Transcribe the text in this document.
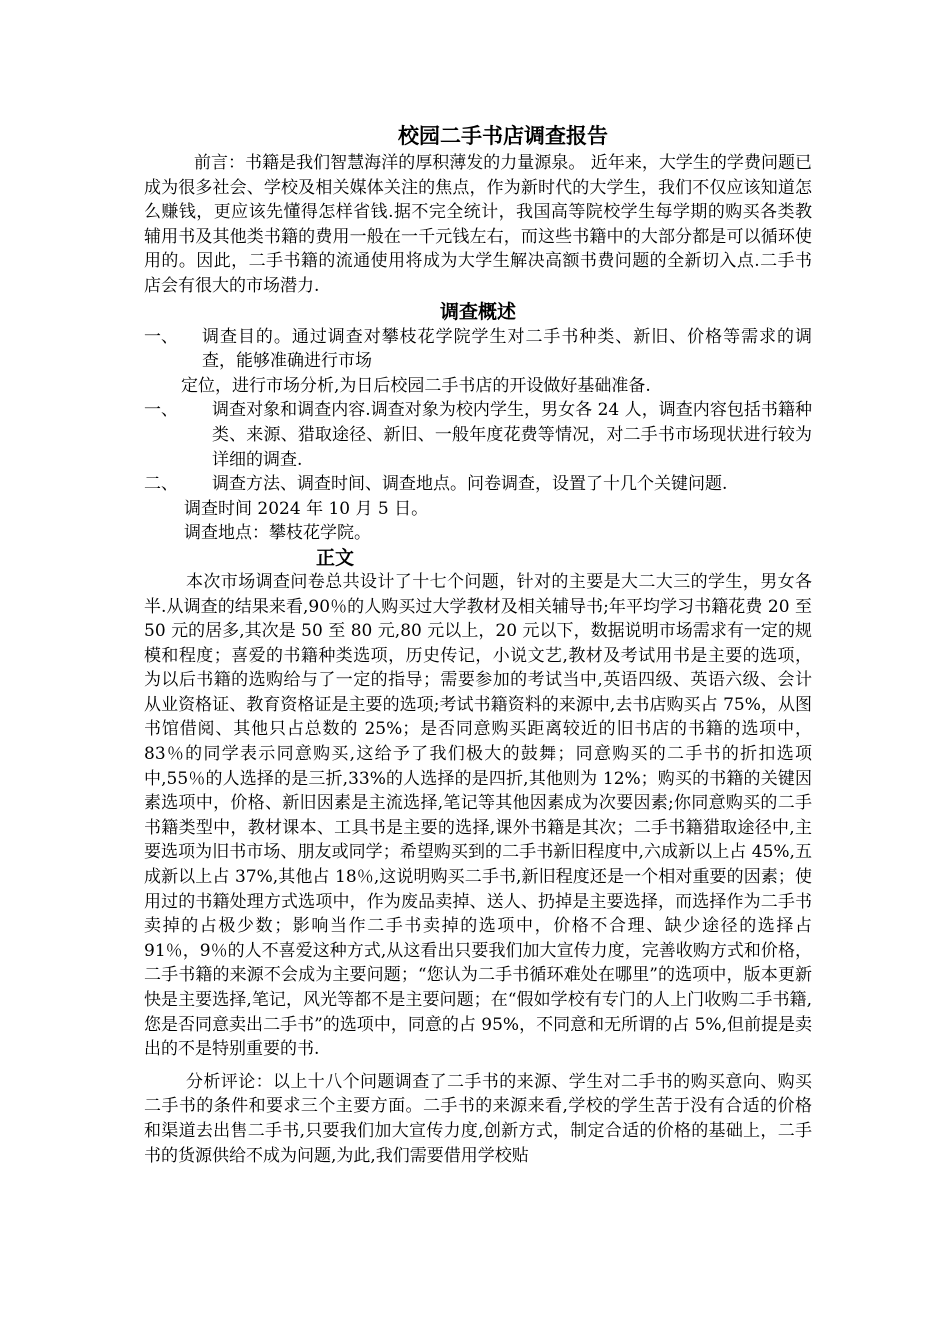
校园二手书店调查报告

前言：书籍是我们智慧海洋的厚积薄发的力量源泉。 近年来，大学生的学费问题已成为很多社会、学校及相关媒体关注的焦点，作为新时代的大学生，我们不仅应该知道怎么赚钱，更应该先懂得怎样省钱.据不完全统计，我国高等院校学生每学期的购买各类教辅用书及其他类书籍的费用一般在一千元钱左右，而这些书籍中的大部分都是可以循环使用的。因此，二手书籍的流通使用将成为大学生解决高额书费问题的全新切入点.二手书店会有很大的市场潜力.

调查概述
一、	调查目的。通过调查对攀枝花学院学生对二手书种类、新旧、价格等需求的调查，能够准确进行市场

定位，进行市场分析,为日后校园二手书店的开设做好基础准备.

一、	调查对象和调查内容.调查对象为校内学生，男女各 24 人，调查内容包括书籍种类、来源、猎取途径、新旧、一般年度花费等情况，对二手书市场现状进行较为详细的调查.
二、	调查方法、调查时间、调查地点。问卷调查，设置了十几个关键问题.

调查时间 2024 年 10 月 5 日。

调查地点：攀枝花学院。

正文

本次市场调查问卷总共设计了十七个问题，针对的主要是大二大三的学生，男女各半.从调查的结果来看,90％的人购买过大学教材及相关辅导书;年平均学习书籍花费 20 至 50 元的居多,其次是 50 至 80 元,80 元以上，20 元以下，数据说明市场需求有一定的规模和程度；喜爱的书籍种类选项，历史传记，小说文艺,教材及考试用书是主要的选项，为以后书籍的选购给与了一定的指导；需要参加的考试当中,英语四级、英语六级、会计从业资格证、教育资格证是主要的选项;考试书籍资料的来源中,去书店购买占 75%，从图书馆借阅、其他只占总数的 25%；是否同意购买距离较近的旧书店的书籍的选项中，83％的同学表示同意购买,这给予了我们极大的鼓舞；同意购买的二手书的折扣选项中,55％的人选择的是三折,33%的人选择的是四折,其他则为 12%；购买的书籍的关键因素选项中，价格、新旧因素是主流选择,笔记等其他因素成为次要因素;你同意购买的二手书籍类型中，教材课本、工具书是主要的选择,课外书籍是其次；二手书籍猎取途径中,主要选项为旧书市场、朋友或同学；希望购买到的二手书新旧程度中,六成新以上占 45%,五成新以上占 37%,其他占 18％,这说明购买二手书,新旧程度还是一个相对重要的因素；使用过的书籍处理方式选项中，作为废品卖掉、送人、扔掉是主要选择，而选择作为二手书卖掉的占极少数；影响当作二手书卖掉的选项中，价格不合理、缺少途径的选择占 91％，9％的人不喜爱这种方式,从这看出只要我们加大宣传力度，完善收购方式和价格，二手书籍的来源不会成为主要问题；“您认为二手书循环难处在哪里”的选项中，版本更新快是主要选择,笔记，风光等都不是主要问题；在“假如学校有专门的人上门收购二手书籍,您是否同意卖出二手书”的选项中，同意的占 95%，不同意和无所谓的占 5%,但前提是卖出的不是特别重要的书.

分析评论：以上十八个问题调查了二手书的来源、学生对二手书的购买意向、购买二手书的条件和要求三个主要方面。二手书的来源来看,学校的学生苦于没有合适的价格和渠道去出售二手书,只要我们加大宣传力度,创新方式，制定合适的价格的基础上，二手书的货源供给不成为问题,为此,我们需要借用学校贴
